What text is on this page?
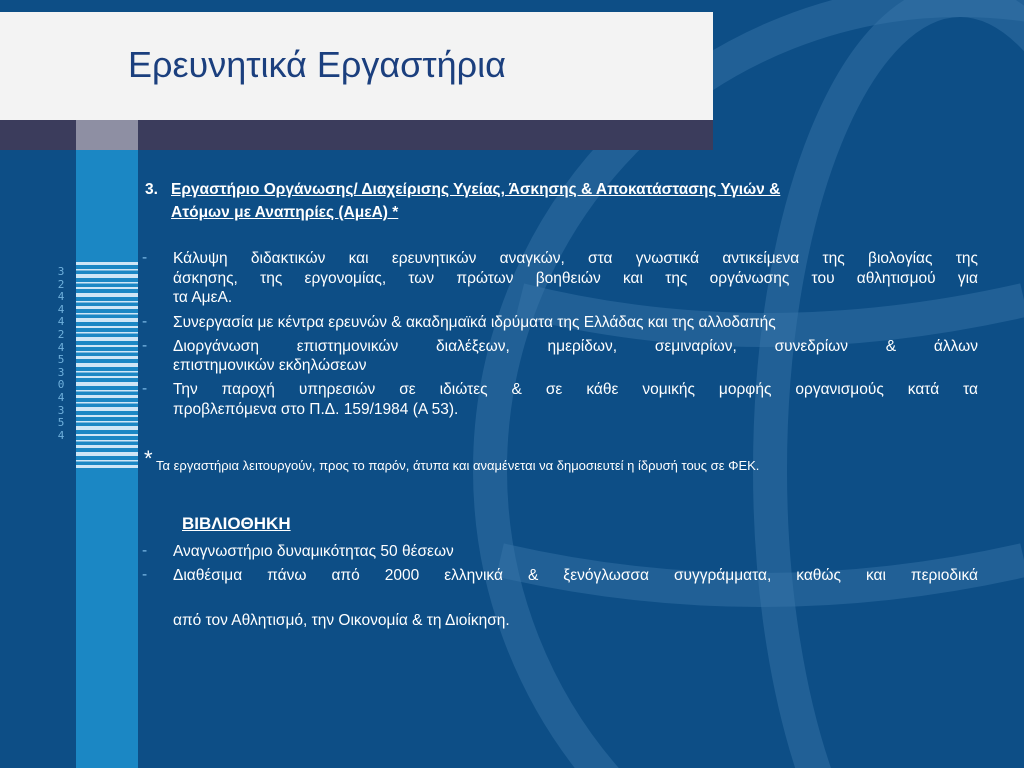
Ερευνητικά Εργαστήρια
3
2
4
4
4
2
4
5
3
0
4
3
5
4
3. Εργαστήριο Οργάνωσης/ Διαχείρισης Υγείας, Άσκησης & Αποκατάστασης Υγιών &
Ατόμων με Αναπηρίες (ΑμεΑ) *
- Κάλυψη διδακτικών και ερευνητικών αναγκών, στα γνωστικά αντικείμενα της βιολογίας της
άσκησης, της εργονομίας, των πρώτων βοηθειών και της οργάνωσης του αθλητισμού για
τα ΑμεΑ.
- Συνεργασία με κέντρα ερευνών & ακαδημαϊκά ιδρύματα της Ελλάδας και της αλλοδαπής
- Διοργάνωση επιστημονικών διαλέξεων, ημερίδων, σεμιναρίων, συνεδρίων & άλλων
επιστημονικών εκδηλώσεων
- Την παροχή υπηρεσιών σε ιδιώτες & σε κάθε νομικής μορφής οργανισμούς κατά τα
προβλεπόμενα στο Π.Δ. 159/1984 (Α 53).
* Τα εργαστήρια λειτουργούν, προς το παρόν, άτυπα και αναμένεται να δημοσιευτεί η ίδρυσή τους σε ΦΕΚ.
ΒΙΒΛΙΟΘΗΚΗ
- Αναγνωστήριο δυναμικότητας 50 θέσεων
- Διαθέσιμα πάνω από 2000 ελληνικά & ξενόγλωσσα συγγράμματα, καθώς και περιοδικά
από τον Αθλητισμό, την Οικονομία & τη Διοίκηση.
